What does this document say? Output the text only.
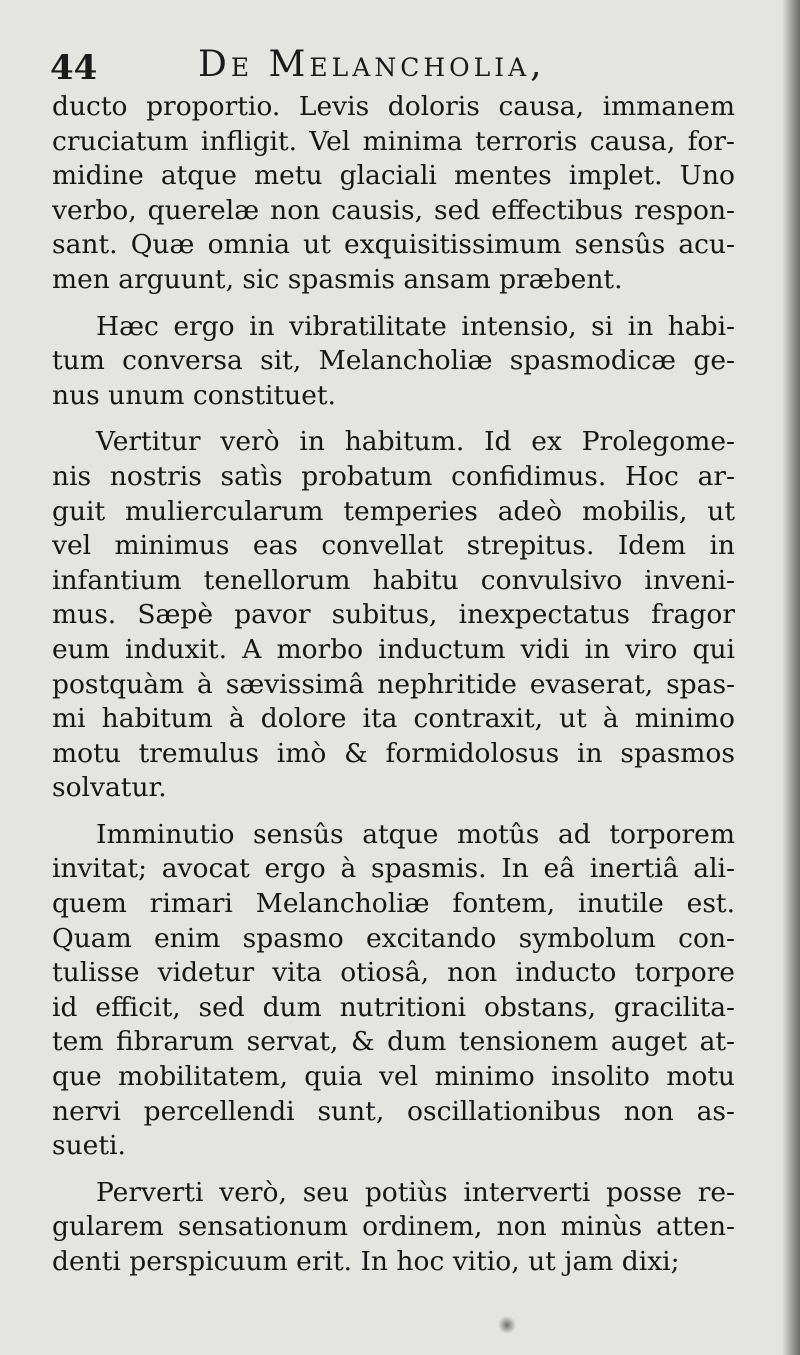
44	De Melancholia,
ducto proportio. Levis doloris causa, immanem
cruciatum infligit. Vel minima terroris causa, for-
midine atque metu glaciali mentes implet. Uno
verbo, querelæ non causis, sed effectibus respon-
sant. Quæ omnia ut exquisitissimum sensûs acu-
men arguunt, sic spasmis ansam præbent.
Hæc ergo in vibratilitate intensio, si in habi-
tum conversa sit, Melancholiæ spasmodicæ ge-
nus unum constituet.
Vertitur verò in habitum. Id ex Prolegome-
nis nostris satìs probatum confidimus. Hoc ar-
guit muliercularum temperies adeò mobilis, ut
vel minimus eas convellat strepitus. Idem in
infantium tenellorum habitu convulsivo inveni-
mus. Sæpè pavor subitus, inexpectatus fragor
eum induxit. A morbo inductum vidi in viro qui
postquàm à sævissimâ nephritide evaserat, spas-
mi habitum à dolore ita contraxit, ut à minimo
motu tremulus imò & formidolosus in spasmos
solvatur.
Imminutio sensûs atque motûs ad torporem
invitat; avocat ergo à spasmis. In eâ inertiâ ali-
quem rimari Melancholiæ fontem, inutile est.
Quam enim spasmo excitando symbolum con-
tulisse videtur vita otiosâ, non inducto torpore
id efficit, sed dum nutritioni obstans, gracilita-
tem fibrarum servat, & dum tensionem auget at-
que mobilitatem, quia vel minimo insolito motu
nervi percellendi sunt, oscillationibus non as-
sueti.
Perverti verò, seu potiùs interverti posse re-
gularem sensationum ordinem, non minùs atten-
denti perspicuum erit. In hoc vitio, ut jam dixi;
